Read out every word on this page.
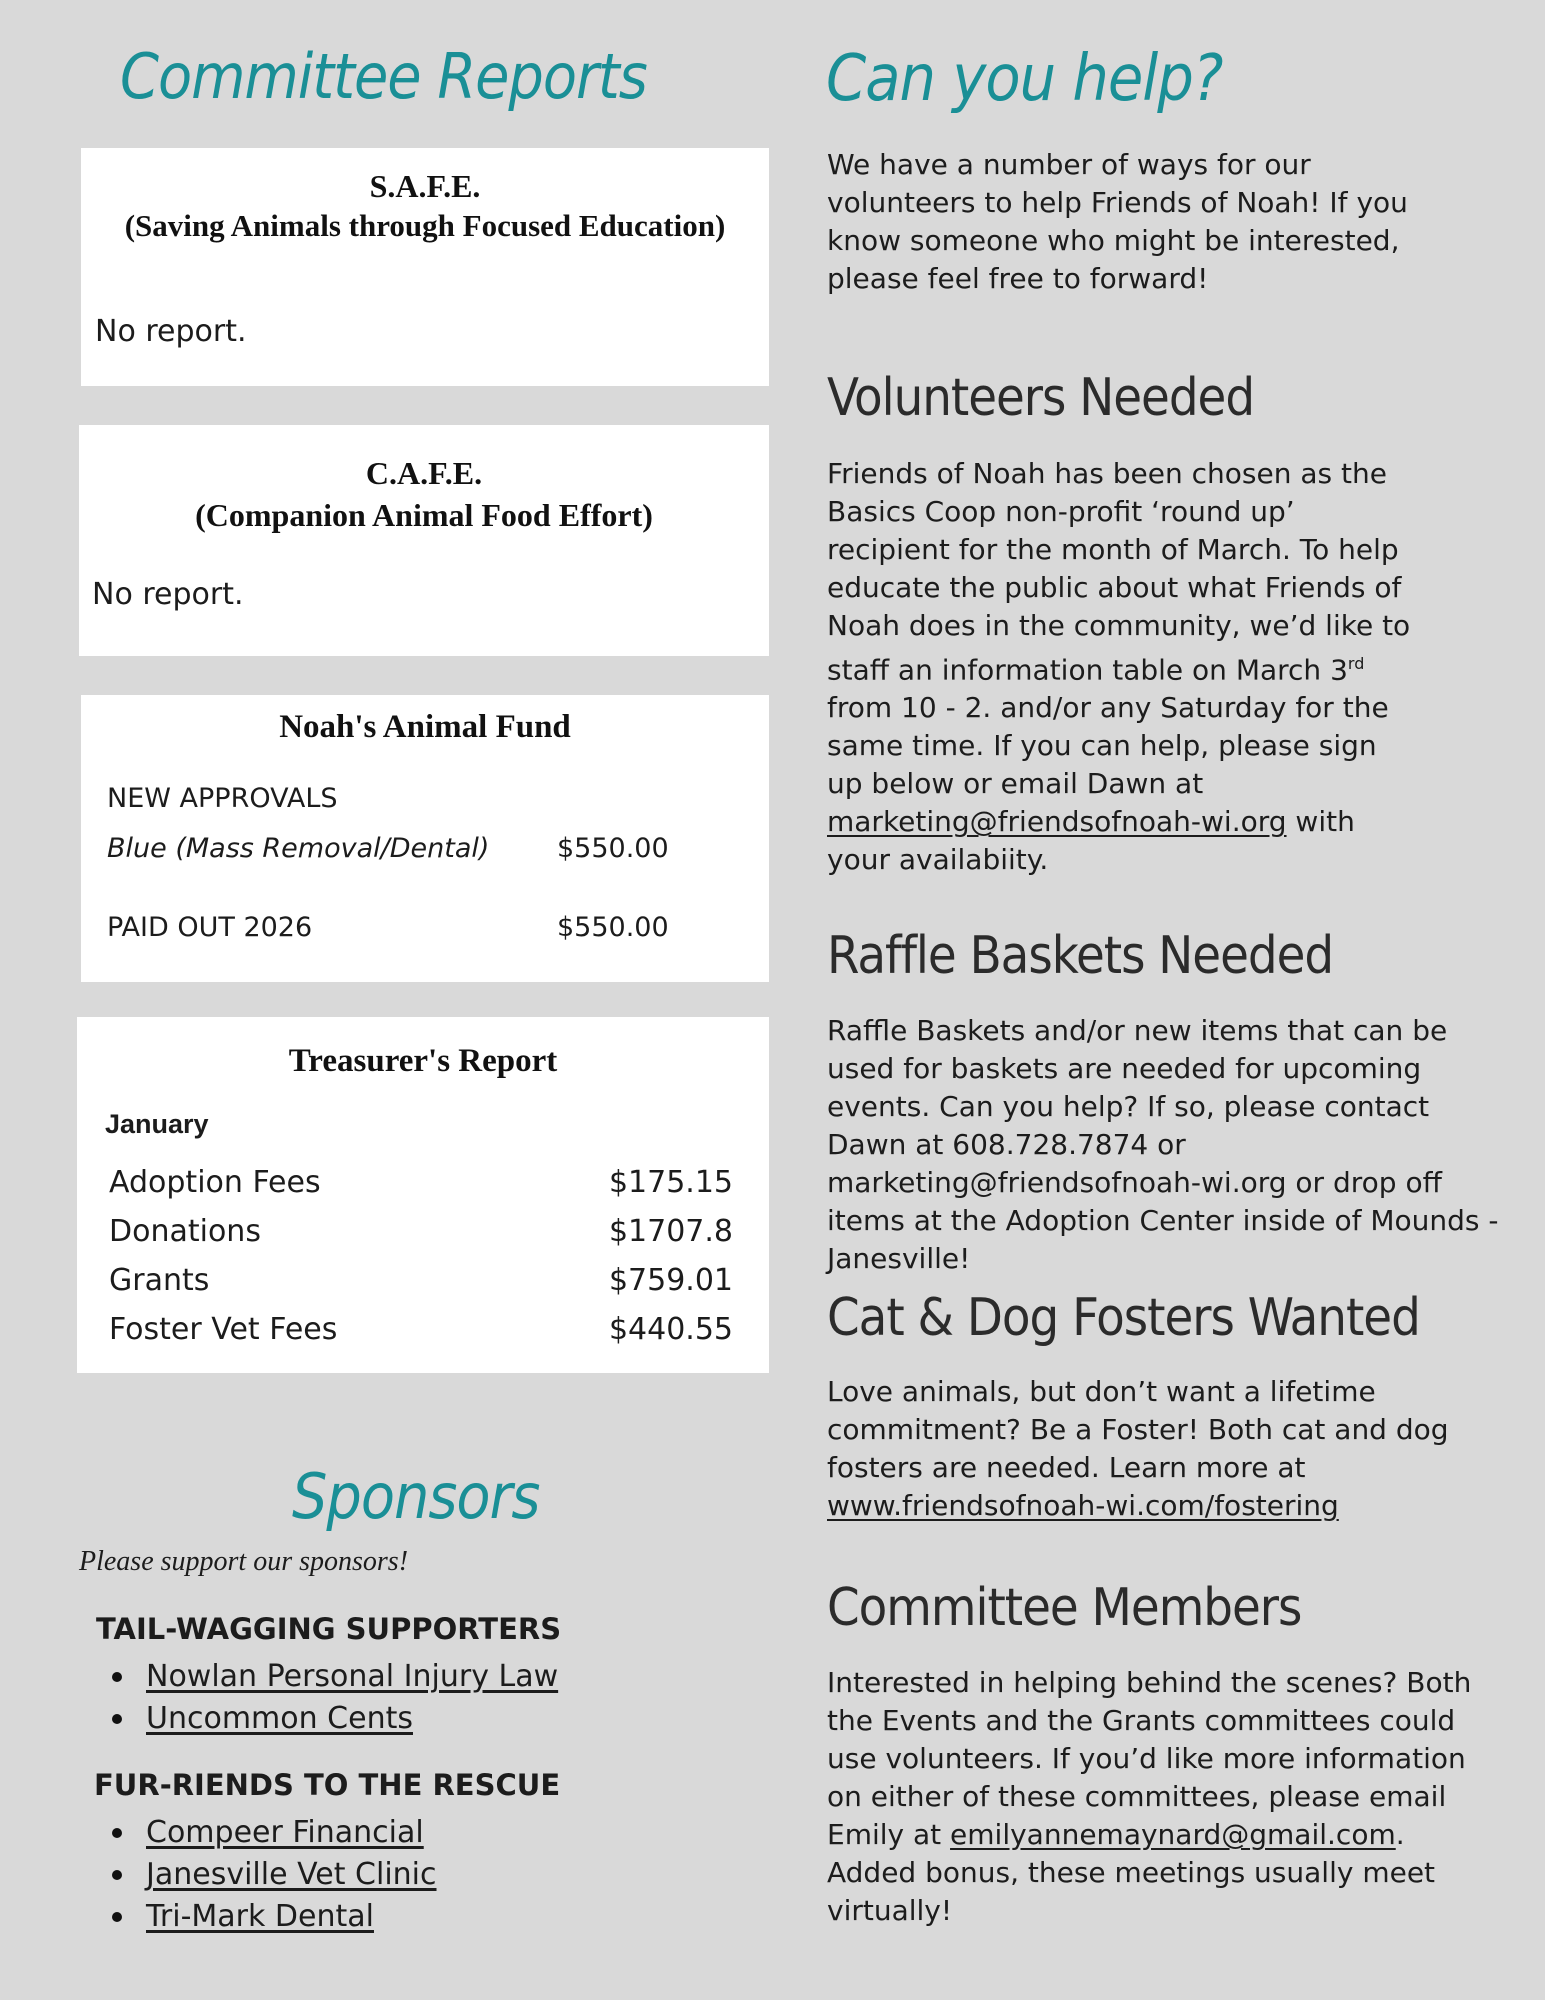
Committee Reports
S.A.F.E.
(Saving Animals through Focused Education)

No report.

C.A.F.E.
(Companion Animal Food Effort)

No report.

Noah's Animal Fund

NEW APPROVALS

Blue (Mass Removal/Dental)	$550.00

PAID OUT 2026	$550.00

Treasurer's Report

January

Adoption Fees	$175.15
Donations	$1707.8
Grants	$759.01
Foster Vet Fees	$440.55
Sponsors

Please support our sponsors!

TAIL-WAGGING SUPPORTERS

Nowlan Personal Injury Law
Uncommon Cents

FUR-RIENDS TO THE RESCUE

Compeer Financial
Janesville Vet Clinic
Tri-Mark Dental
Can you help?

We have a number of ways for our volunteers to help Friends of Noah! If you know someone who might be interested, please feel free to forward!

Volunteers Needed

Friends of Noah has been chosen as the Basics Coop non-profit ‘round up’ recipient for the month of March. To help educate the public about what Friends of Noah does in the community, we’d like to staff an information table on March 3rd from 10 - 2. and/or any Saturday for the same time. If you can help, please sign up below or email Dawn at marketing@friendsofnoah-wi.org with your availabiity.

Raffle Baskets Needed

Raffle Baskets and/or new items that can be used for baskets are needed for upcoming events. Can you help? If so, please contact Dawn at 608.728.7874 or marketing@friendsofnoah-wi.org or drop off items at the Adoption Center inside of Mounds - Janesville!

Cat & Dog Fosters Wanted

Love animals, but don’t want a lifetime commitment? Be a Foster! Both cat and dog fosters are needed. Learn more at www.friendsofnoah-wi.com/fostering

Committee Members

Interested in helping behind the scenes? Both the Events and the Grants committees could use volunteers. If you’d like more information on either of these committees, please email Emily at emilyannemaynard@gmail.com. Added bonus, these meetings usually meet virtually!
